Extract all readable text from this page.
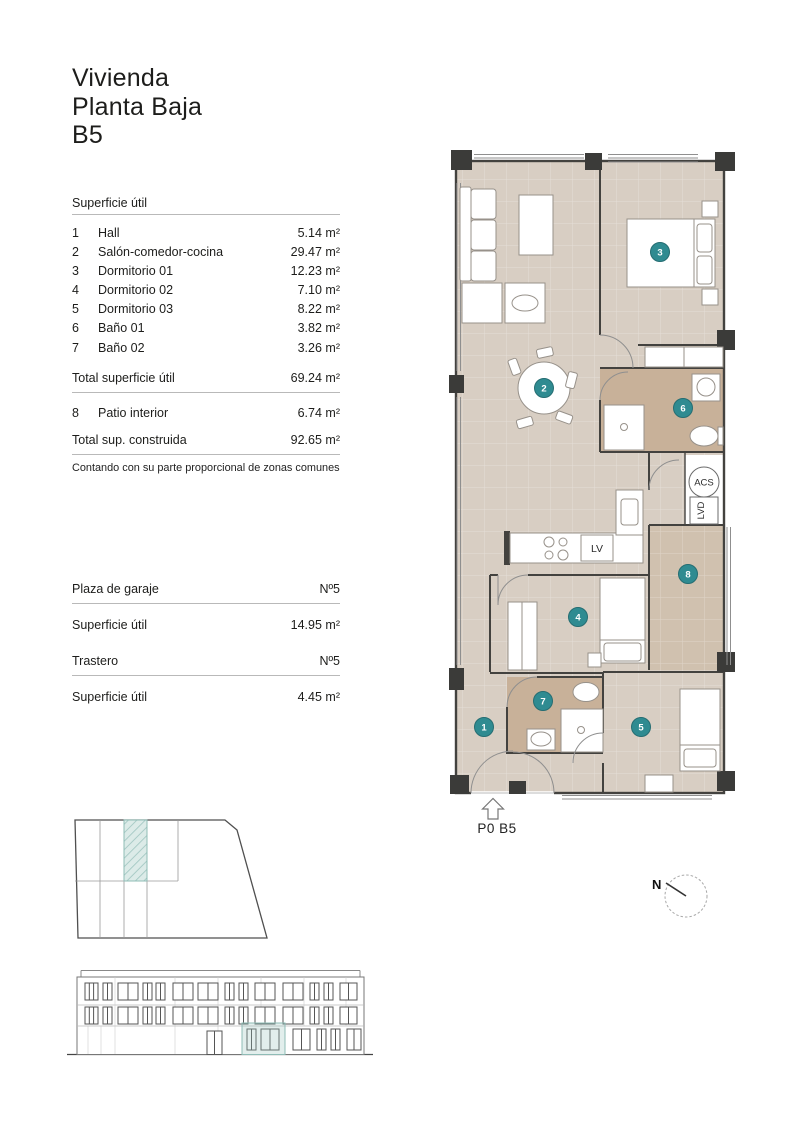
Vivienda
Planta Baja
B5
Superficie útil
1	Hall	5.14 m²
2	Salón-comedor-cocina	29.47 m²
3	Dormitorio 01	12.23 m²
4	Dormitorio 02	7.10 m²
5	Dormitorio 03	8.22 m²
6	Baño 01	3.82 m²
7	Baño 02	3.26 m²
Total superficie útil	69.24 m²
8	Patio interior	6.74 m²
Total sup. construida	92.65 m²
Contando con su parte proporcional de zonas comunes
Plaza de garaje	Nº5
Superficie útil	14.95 m²
Trastero	Nº5
Superficie útil	4.45 m²
ACS
LVD
LV
1
2
3
4
5
6
7
8
P0 B5
N
